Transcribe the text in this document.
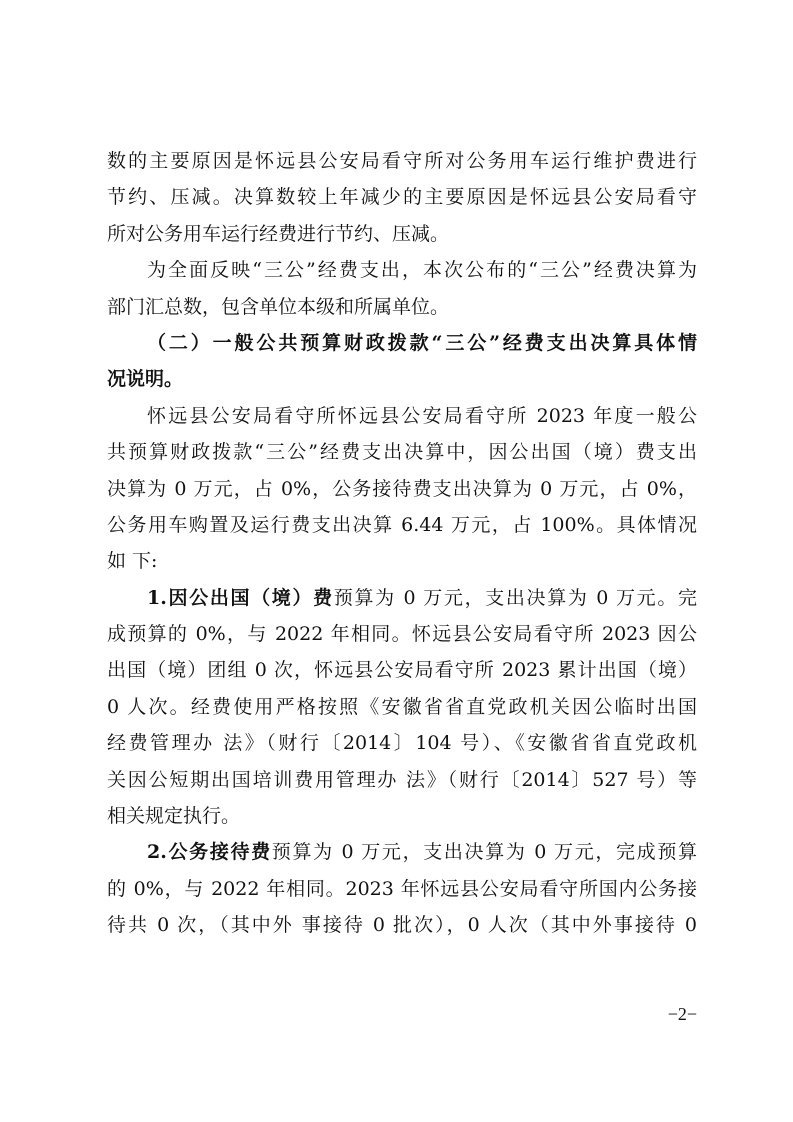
数的主要原因是怀远县公安局看守所对公务用车运行维护费进行
节约、压减。决算数较上年减少的主要原因是怀远县公安局看守
所对公务用车运行经费进行节约、压减。
为全面反映“三公”经费支出，本次公布的“三公”经费决算为
部门汇总数，包含单位本级和所属单位。
（二）一般公共预算财政拨款“三公”经费支出决算具体情
况说明。
怀远县公安局看守所怀远县公安局看守所 2023 年度一般公
共预算财政拨款“三公”经费支出决算中，因公出国（境）费支出
决算为 0 万元，占 0%，公务接待费支出决算为 0 万元，占 0%，
公务用车购置及运行费支出决算 6.44 万元，占 100%。具体情况
如 下:
1.因公出国（境）费预算为 0 万元，支出决算为 0 万元。完
成预算的 0%，与 2022 年相同。怀远县公安局看守所 2023 因公
出国（境）团组 0 次，怀远县公安局看守所 2023 累计出国（境）
0 人次。经费使用严格按照《安徽省省直党政机关因公临时出国
经费管理办 法》（财行〔2014〕104 号）、《安徽省省直党政机
关因公短期出国培训费用管理办 法》（财行〔2014〕527 号）等
相关规定执行。
2.公务接待费预算为 0 万元，支出决算为 0 万元，完成预算
的 0%，与 2022 年相同。2023 年怀远县公安局看守所国内公务接
待共 0 次，（其中外 事接待 0 批次），0 人次（其中外事接待 0
−2−
